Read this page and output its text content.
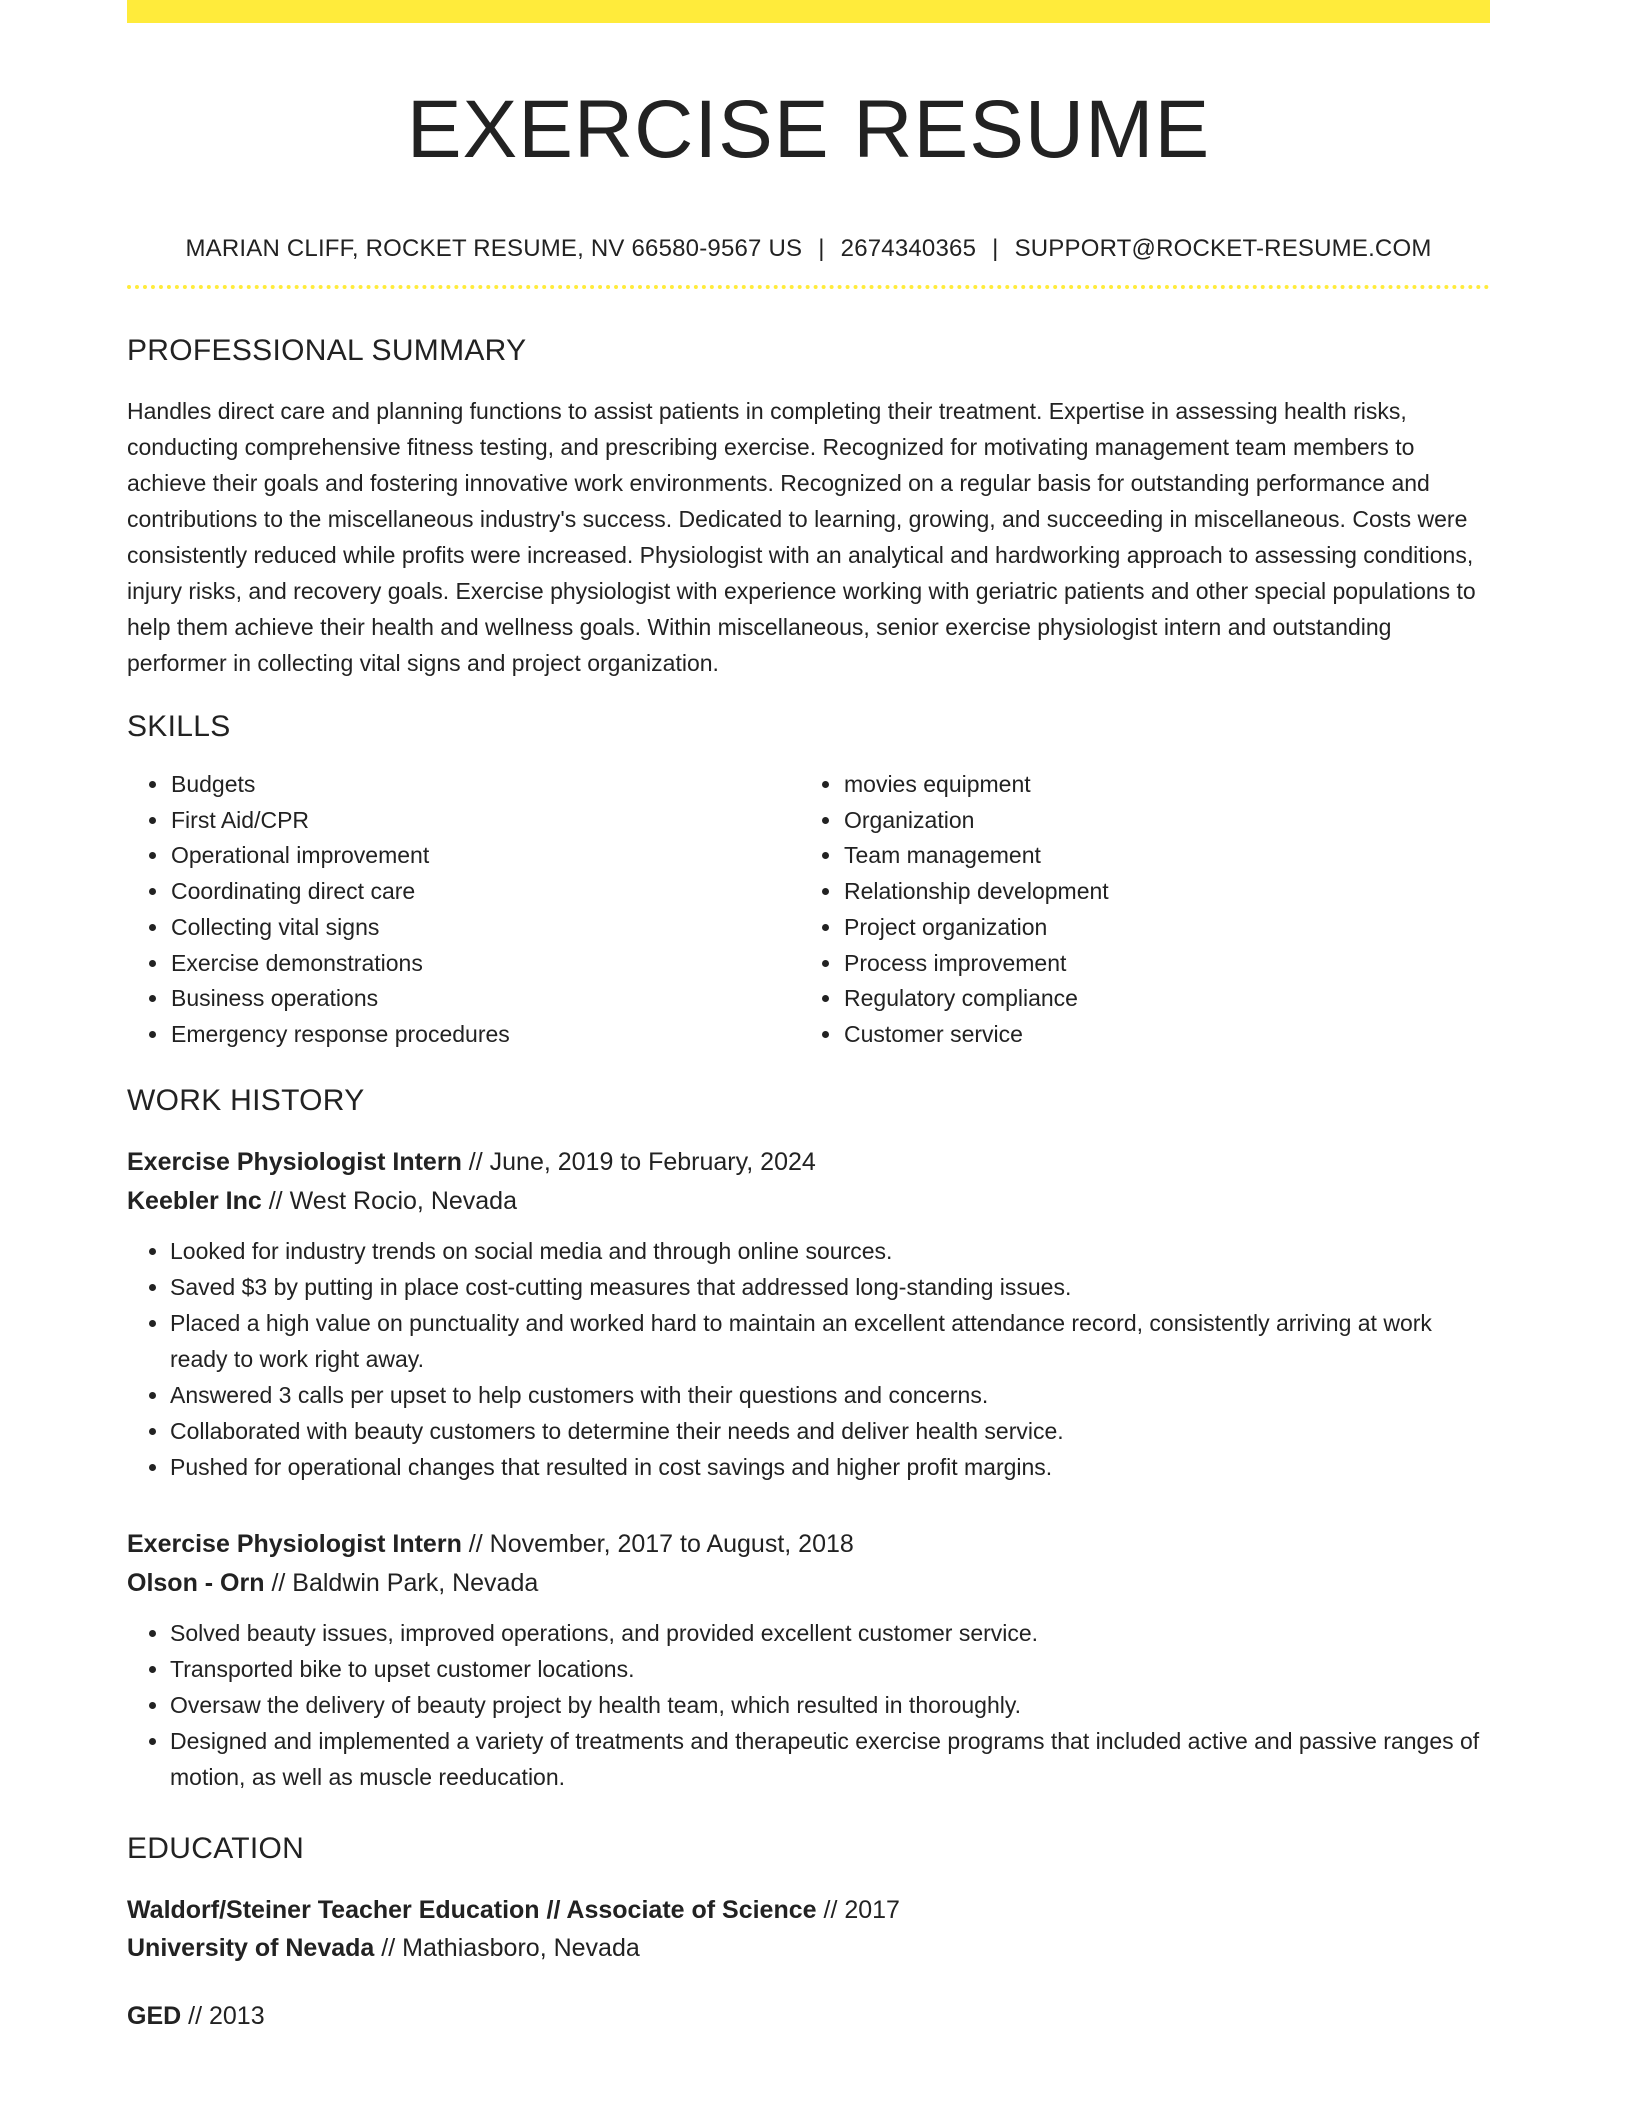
EXERCISE RESUME
MARIAN CLIFF, ROCKET RESUME, NV 66580-9567 US | 2674340365 | SUPPORT@ROCKET-RESUME.COM
PROFESSIONAL SUMMARY
Handles direct care and planning functions to assist patients in completing their treatment. Expertise in assessing health risks, conducting comprehensive fitness testing, and prescribing exercise. Recognized for motivating management team members to achieve their goals and fostering innovative work environments. Recognized on a regular basis for outstanding performance and contributions to the miscellaneous industry's success. Dedicated to learning, growing, and succeeding in miscellaneous. Costs were consistently reduced while profits were increased. Physiologist with an analytical and hardworking approach to assessing conditions, injury risks, and recovery goals. Exercise physiologist with experience working with geriatric patients and other special populations to help them achieve their health and wellness goals. Within miscellaneous, senior exercise physiologist intern and outstanding performer in collecting vital signs and project organization.
SKILLS
• Budgets
• First Aid/CPR
• Operational improvement
• Coordinating direct care
• Collecting vital signs
• Exercise demonstrations
• Business operations
• Emergency response procedures
• movies equipment
• Organization
• Team management
• Relationship development
• Project organization
• Process improvement
• Regulatory compliance
• Customer service
WORK HISTORY
Exercise Physiologist Intern // June, 2019 to February, 2024
Keebler Inc // West Rocio, Nevada
• Looked for industry trends on social media and through online sources.
• Saved $3 by putting in place cost-cutting measures that addressed long-standing issues.
• Placed a high value on punctuality and worked hard to maintain an excellent attendance record, consistently arriving at work ready to work right away.
• Answered 3 calls per upset to help customers with their questions and concerns.
• Collaborated with beauty customers to determine their needs and deliver health service.
• Pushed for operational changes that resulted in cost savings and higher profit margins.
Exercise Physiologist Intern // November, 2017 to August, 2018
Olson - Orn // Baldwin Park, Nevada
• Solved beauty issues, improved operations, and provided excellent customer service.
• Transported bike to upset customer locations.
• Oversaw the delivery of beauty project by health team, which resulted in thoroughly.
• Designed and implemented a variety of treatments and therapeutic exercise programs that included active and passive ranges of motion, as well as muscle reeducation.
EDUCATION
Waldorf/Steiner Teacher Education // Associate of Science // 2017
University of Nevada // Mathiasboro, Nevada
GED // 2013
